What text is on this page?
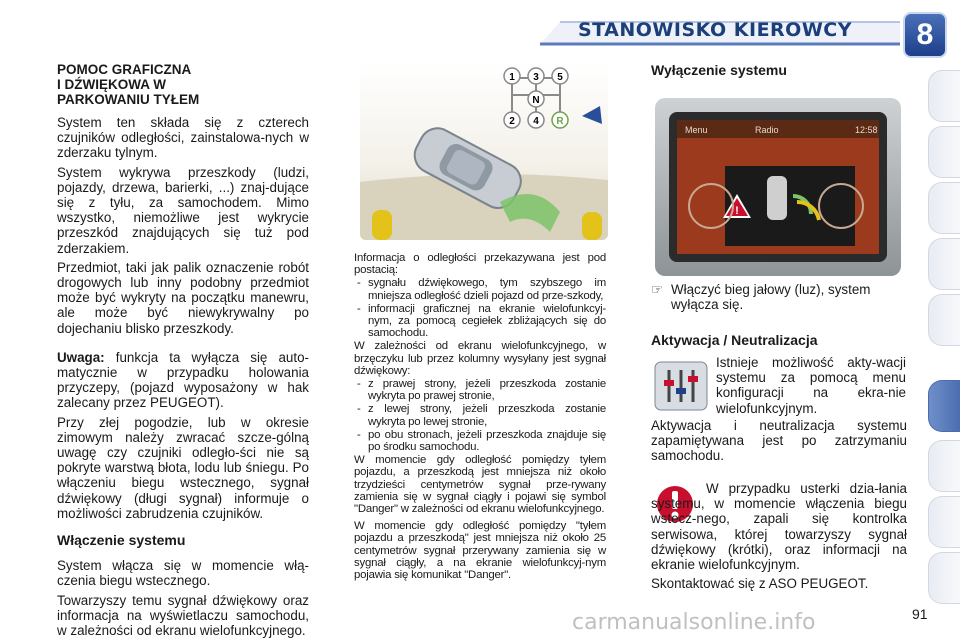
STANOWISKO KIEROWCY	8
POMOC GRAFICZNA
I DŹWIĘKOWA W
PARKOWANIU TYŁEM

System ten składa się z czterech czujników odległości, zainstalowa-nych w zderzaku tylnym.

System wykrywa przeszkody (ludzi, pojazdy, drzewa, barierki, ...) znaj-dujące się z tyłu, za samochodem. Mimo wszystko, niemożliwe jest wykrycie przeszkód znajdujących się tuż pod zderzakiem.

Przedmiot, taki jak palik oznaczenie robót drogowych lub inny podobny przedmiot może być wykryty na początku manewru, ale może być niewykrywalny po dojechaniu blisko przeszkody.

Uwaga: funkcja ta wyłącza się auto-matycznie w przypadku holowania przyczepy, (pojazd wyposażony w hak zalecany przez PEUGEOT).

Przy złej pogodzie, lub w okresie zimowym należy zwracać szcze-gólną uwagę czy czujniki odległo-ści nie są pokryte warstwą błota, lodu lub śniegu. Po włączeniu biegu wstecznego, sygnał dźwiękowy (długi sygnał) informuje o możliwości zabrudzenia czujników.

Włączenie systemu

System włącza się w momencie włą-czenia biegu wstecznego.

Towarzyszy temu sygnał dźwiękowy oraz informacja na wyświetlaczu samochodu, w zależności od ekranu wielofunkcyjnego.

1 3 5
N
2 4 R

Informacja o odległości przekazywana jest pod postacią:

- sygnału dźwiękowego, tym szybszego im mniejsza odległość dzieli pojazd od prze-szkody,
- informacji graficznej na ekranie wielofunkcyj-nym, za pomocą cegiełek zbliżających się do samochodu.

W zależności od ekranu wielofunkcyjnego, w brzęczyku lub przez kolumny wysyłany jest sygnał dźwiękowy:

- z prawej strony, jeżeli przeszkoda zostanie wykryta po prawej stronie,
- z lewej strony, jeżeli przeszkoda zostanie wykryta po lewej stronie,
- po obu stronach, jeżeli przeszkoda znajduje się po środku samochodu.

W momencie gdy odległość pomiędzy tyłem pojazdu, a przeszkodą jest mniejsza niż około trzydzieści centymetrów sygnał prze-rywany zamienia się w sygnał ciągły i pojawi się symbol "Danger" w zależności od ekranu wielofunkcyjnego.

W momencie gdy odległość pomiędzy "tyłem pojazdu a przeszkodą" jest mniejsza niż około 25 centymetrów sygnał przerywany zamienia się w sygnał ciągły, a na ekranie wielofunkcyj-nym pojawia się komunikat "Danger".

Wyłączenie systemu
Menu	Radio	12:58
!
☞ Włączyć bieg jałowy (luz), system wyłącza się.

Aktywacja / Neutralizacja

Istnieje możliwość akty-wacji systemu za pomocą menu konfiguracji na ekra-nie wielofunkcyjnym.

Aktywacja i neutralizacja systemu zapamiętywana jest po zatrzymaniu samochodu.

W przypadku usterki dzia-łania systemu, w momencie włączenia biegu wstecz-nego, zapali się kontrolka serwisowa, której towarzyszy sygnał dźwiękowy (krótki), oraz informacji na ekranie wielofunkcyjnym.

Skontaktować się z ASO PEUGEOT.

91
carmanualsonline.info
